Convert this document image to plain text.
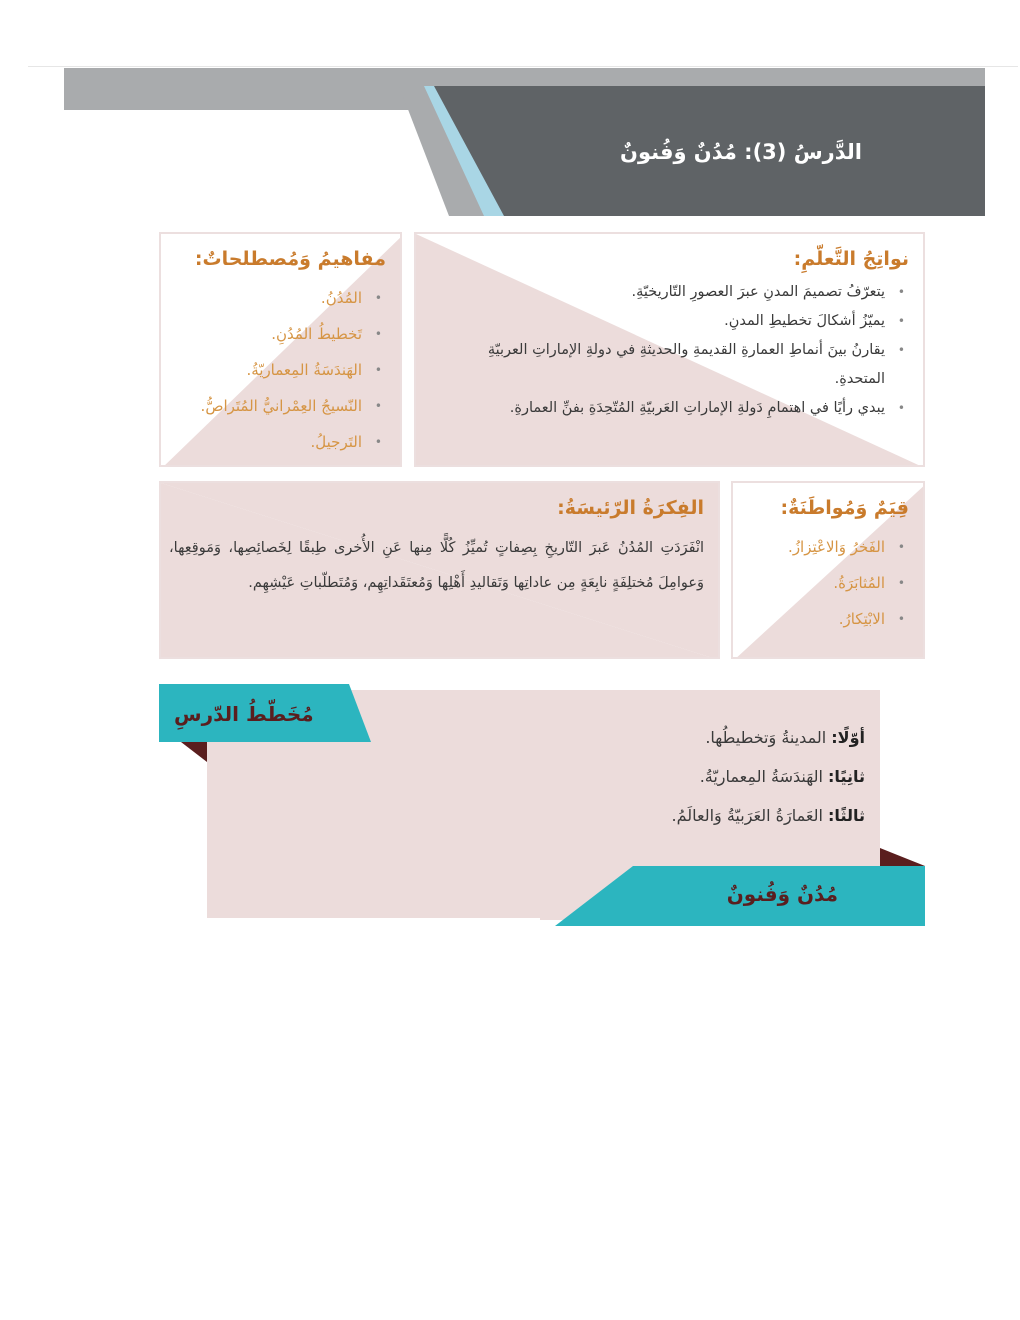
الدَّرسُ (3): مُدُنٌ وَفُنونٌ
نواتِجُ التَّعلّمِ:
• يتعرّفُ تصميمَ المدنِ عبرَ العصورِ التّاريخيّةِ.
• يميّزُ أشكالَ تخطيطِ المدنِ.
• يقارنُ بينَ أنماطِ العمارةِ القديمةِ والحديثةِ في دولةِ الإماراتِ العربيّةِ المتحدةِ.
• يبدي رأيًا في اهتمامِ دَولةِ الإماراتِ العَربيّةِ المُتّحِدَةِ بفنِّ العمارةِ.
مفاهيمُ وَمُصطلحاتٌ:
• المُدُنُ.
• تَخطيطُ المُدُنِ.
• الهَندَسَةُ المِعماريّةُ.
• النّسيجُ العِمْرانيُّ المُتَراصُّ.
• التَرجيلُ.
الفِكرَةُ الرّئيسَةُ:
انْفَرَدَتِ المُدُنُ عَبرَ التّاريخِ بِصِفاتٍ تُميِّزُ كُلًّا مِنها عَنِ الأُخرى طِبقًا لِخَصائِصِها، وَمَوقِعِها، وَعوامِلَ مُختلِفَةٍ نابِعَةٍ مِن عاداتِها وَتَقاليدِ أَهْلِها وَمُعتَقَداتِهِم، وَمُتَطلّباتِ عَيْشِهِم.
قِيَمٌ وَمُواطَنَةٌ:
• الفَخرُ وَالاعْتِزازُ.
• المُثابَرَةُ.
• الابْتِكارُ.
مُخَطّطُ الدّرسِ
أوّلًا: المدينةُ وَتخطيطُها.
ثانِيًا: الهَندَسَةُ المِعماريّةُ.
ثالثًا: العَمارَةُ العَرَبيّةُ وَالعالَمُ.
مُدُنٌ وَفُنونٌ
